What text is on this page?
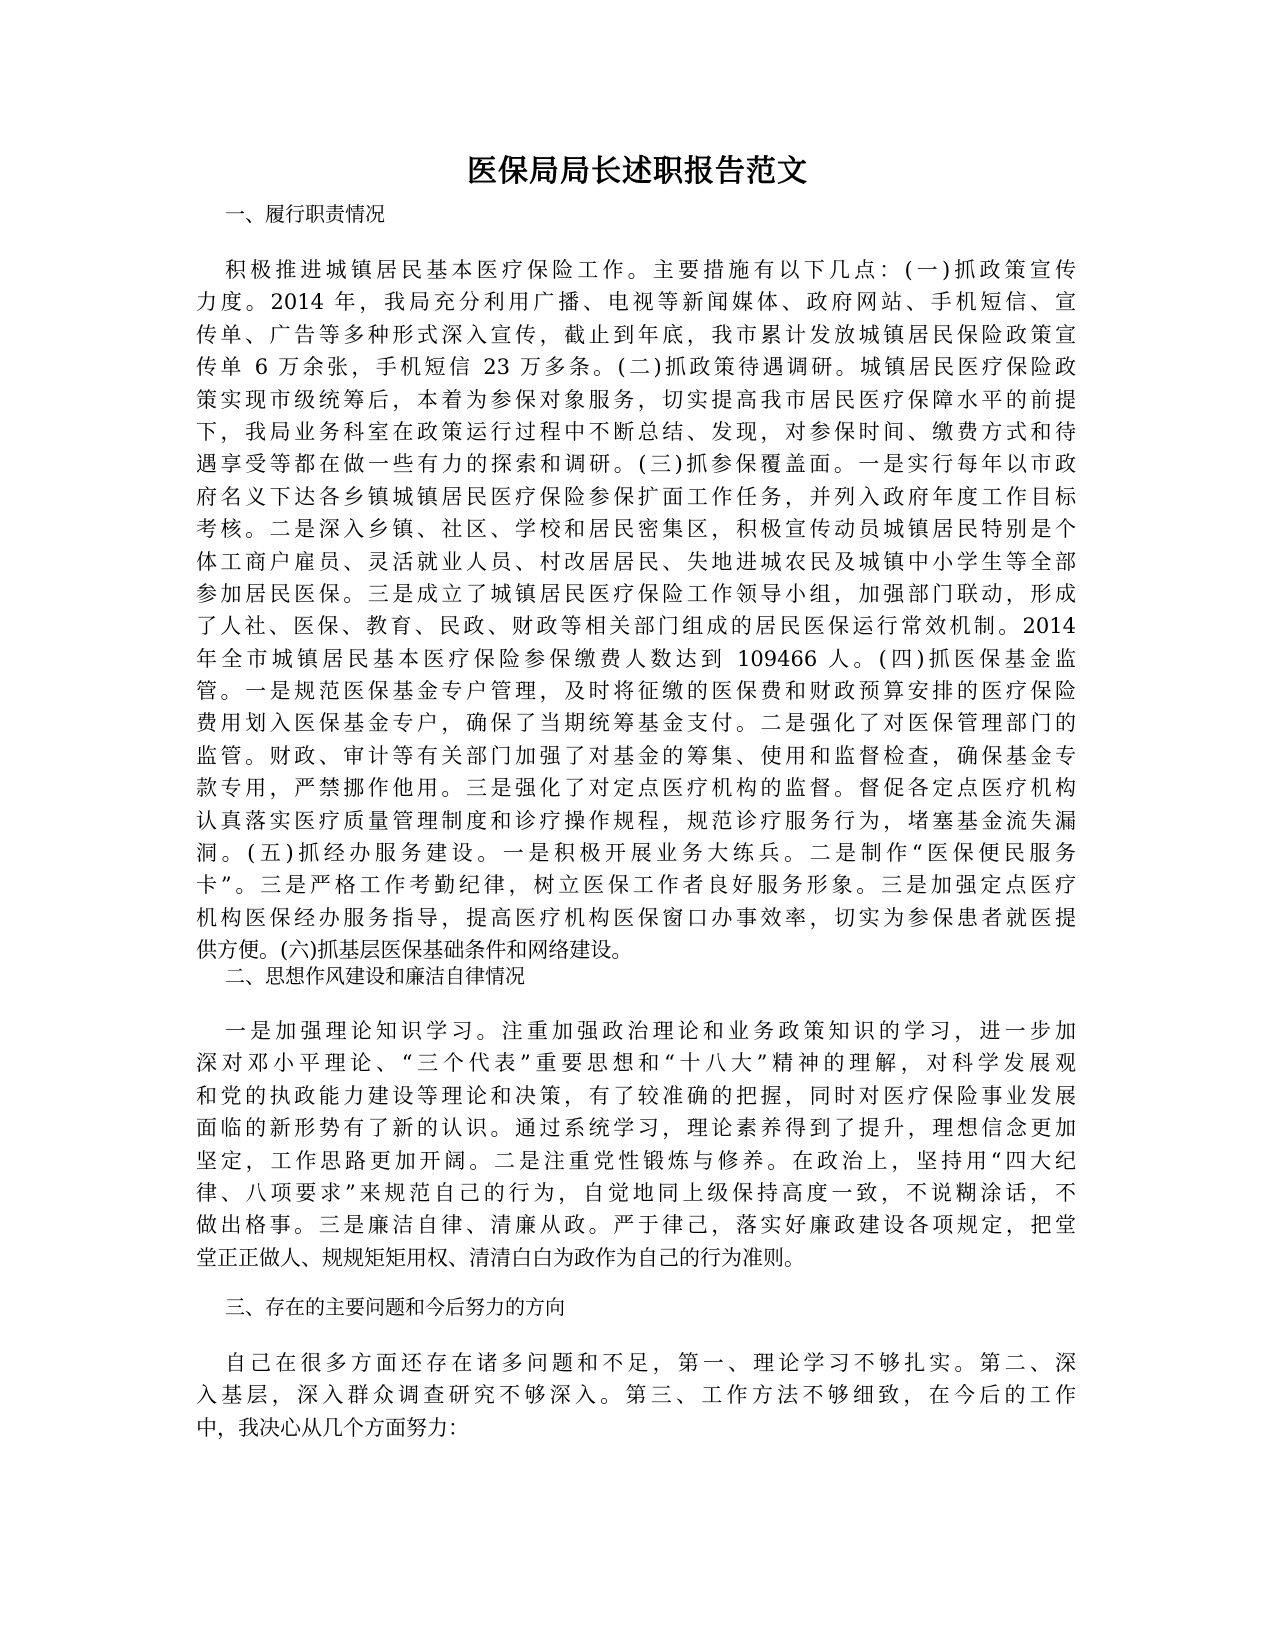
医保局局长述职报告范文

一、履行职责情况

积极推进城镇居民基本医疗保险工作。主要措施有以下几点：(一)抓政策宣传
力度。2014 年，我局充分利用广播、电视等新闻媒体、政府网站、手机短信、宣
传单、广告等多种形式深入宣传，截止到年底，我市累计发放城镇居民保险政策宣
传单 6 万余张，手机短信 23 万多条。(二)抓政策待遇调研。城镇居民医疗保险政
策实现市级统筹后，本着为参保对象服务，切实提高我市居民医疗保障水平的前提
下，我局业务科室在政策运行过程中不断总结、发现，对参保时间、缴费方式和待
遇享受等都在做一些有力的探索和调研。(三)抓参保覆盖面。一是实行每年以市政
府名义下达各乡镇城镇居民医疗保险参保扩面工作任务，并列入政府年度工作目标
考核。二是深入乡镇、社区、学校和居民密集区，积极宣传动员城镇居民特别是个
体工商户雇员、灵活就业人员、村改居居民、失地进城农民及城镇中小学生等全部
参加居民医保。三是成立了城镇居民医疗保险工作领导小组，加强部门联动，形成
了人社、医保、教育、民政、财政等相关部门组成的居民医保运行常效机制。2014
年全市城镇居民基本医疗保险参保缴费人数达到 109466 人。(四)抓医保基金监
管。一是规范医保基金专户管理，及时将征缴的医保费和财政预算安排的医疗保险
费用划入医保基金专户，确保了当期统筹基金支付。二是强化了对医保管理部门的
监管。财政、审计等有关部门加强了对基金的筹集、使用和监督检查，确保基金专
款专用，严禁挪作他用。三是强化了对定点医疗机构的监督。督促各定点医疗机构
认真落实医疗质量管理制度和诊疗操作规程，规范诊疗服务行为，堵塞基金流失漏
洞。(五)抓经办服务建设。一是积极开展业务大练兵。二是制作“医保便民服务
卡”。三是严格工作考勤纪律，树立医保工作者良好服务形象。三是加强定点医疗
机构医保经办服务指导，提高医疗机构医保窗口办事效率，切实为参保患者就医提
供方便。(六)抓基层医保基础条件和网络建设。

二、思想作风建设和廉洁自律情况

一是加强理论知识学习。注重加强政治理论和业务政策知识的学习，进一步加
深对邓小平理论、“三个代表”重要思想和“十八大”精神的理解，对科学发展观
和党的执政能力建设等理论和决策，有了较准确的把握，同时对医疗保险事业发展
面临的新形势有了新的认识。通过系统学习，理论素养得到了提升，理想信念更加
坚定，工作思路更加开阔。二是注重党性锻炼与修养。在政治上，坚持用“四大纪
律、八项要求”来规范自己的行为，自觉地同上级保持高度一致，不说糊涂话，不
做出格事。三是廉洁自律、清廉从政。严于律己，落实好廉政建设各项规定，把堂
堂正正做人、规规矩矩用权、清清白白为政作为自己的行为准则。

三、存在的主要问题和今后努力的方向

自己在很多方面还存在诸多问题和不足，第一、理论学习不够扎实。第二、深
入基层，深入群众调查研究不够深入。第三、工作方法不够细致，在今后的工作
中，我决心从几个方面努力：
